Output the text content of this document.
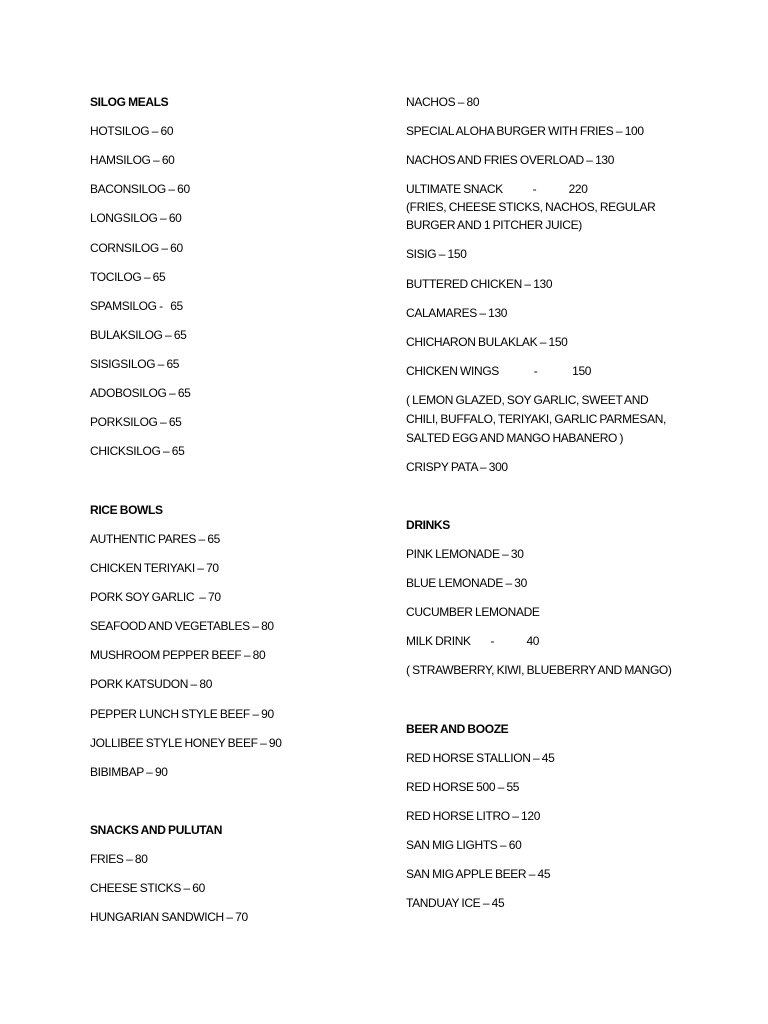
SILOG MEALS
HOTSILOG – 60
HAMSILOG – 60
BACONSILOG – 60
LONGSILOG – 60
CORNSILOG – 60
TOCILOG – 65
SPAMSILOG -   65
BULAKSILOG – 65
SISIGSILOG – 65
ADOBOSILOG – 65
PORKSILOG – 65
CHICKSILOG – 65
RICE BOWLS
AUTHENTIC PARES – 65
CHICKEN TERIYAKI – 70
PORK SOY GARLIC  – 70
SEAFOOD AND VEGETABLES – 80
MUSHROOM PEPPER BEEF – 80
PORK KATSUDON – 80
PEPPER LUNCH STYLE BEEF – 90
JOLLIBEE STYLE HONEY BEEF – 90
BIBIMBAP – 90
SNACKS AND PULUTAN
FRIES – 80
CHEESE STICKS – 60
HUNGARIAN SANDWICH – 70
NACHOS – 80
SPECIAL ALOHA BURGER WITH FRIES – 100
NACHOS AND FRIES OVERLOAD – 130
ULTIMATE SNACK            -             220
(FRIES, CHEESE STICKS, NACHOS, REGULAR
BURGER AND 1 PITCHER JUICE)
SISIG – 150
BUTTERED CHICKEN – 130
CALAMARES – 130
CHICHARON BULAKLAK – 150
CHICKEN WINGS              -              150
( LEMON GLAZED, SOY GARLIC, SWEET AND
CHILI, BUFFALO, TERIYAKI, GARLIC PARMESAN,
SALTED EGG AND MANGO HABANERO )
CRISPY PATA – 300
DRINKS
PINK LEMONADE – 30
BLUE LEMONADE – 30
CUCUMBER LEMONADE
MILK DRINK        -             40
( STRAWBERRY, KIWI, BLUEBERRY AND MANGO)
BEER AND BOOZE
RED HORSE STALLION – 45
RED HORSE 500 – 55
RED HORSE LITRO – 120
SAN MIG LIGHTS – 60
SAN MIG APPLE BEER – 45
TANDUAY ICE – 45
